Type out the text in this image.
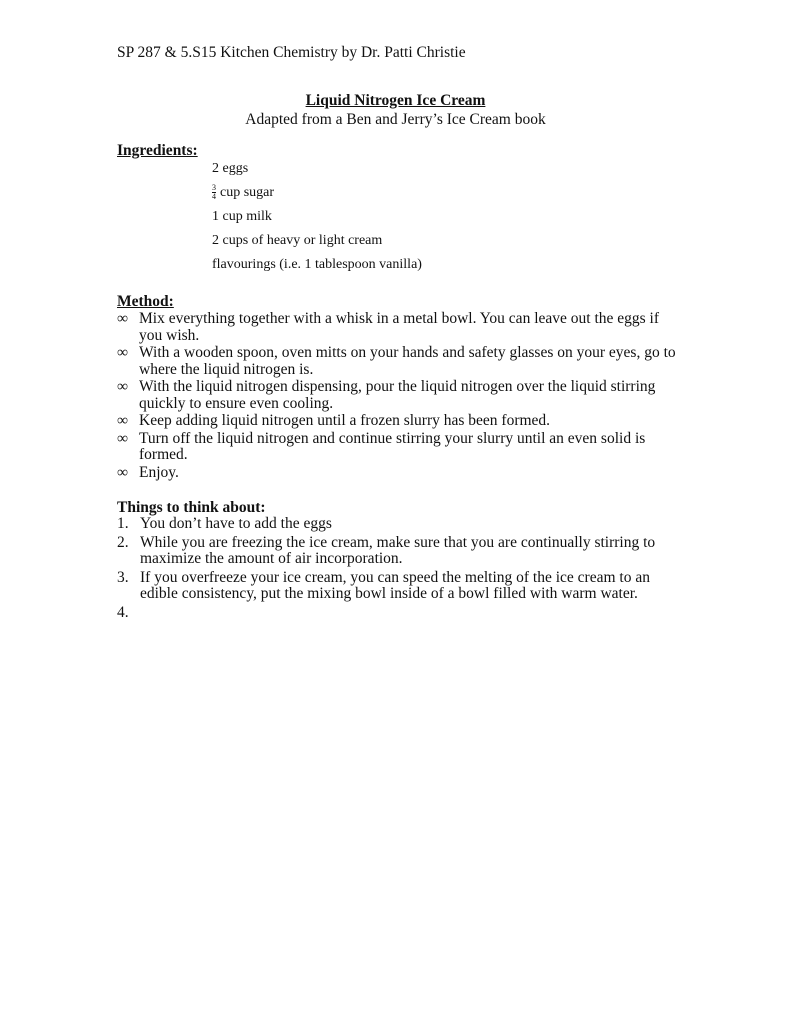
SP 287 & 5.S15 Kitchen Chemistry by Dr. Patti Christie
Liquid Nitrogen Ice Cream
Adapted from a Ben and Jerry’s Ice Cream book
Ingredients:
2 eggs
$\frac{3}{4}$ cup sugar
1 cup milk
2 cups of heavy or light cream
flavourings (i.e. 1 tablespoon vanilla)
Method:
∞ Mix everything together with a whisk in a metal bowl. You can leave out the eggs if you wish.
∞ With a wooden spoon, oven mitts on your hands and safety glasses on your eyes, go to where the liquid nitrogen is.
∞ With the liquid nitrogen dispensing, pour the liquid nitrogen over the liquid stirring quickly to ensure even cooling.
∞ Keep adding liquid nitrogen until a frozen slurry has been formed.
∞ Turn off the liquid nitrogen and continue stirring your slurry until an even solid is formed.
∞ Enjoy.
Things to think about:
1. You don’t have to add the eggs
2. While you are freezing the ice cream, make sure that you are continually stirring to maximize the amount of air incorporation.
3. If you overfreeze your ice cream, you can speed the melting of the ice cream to an edible consistency, put the mixing bowl inside of a bowl filled with warm water.
4.
